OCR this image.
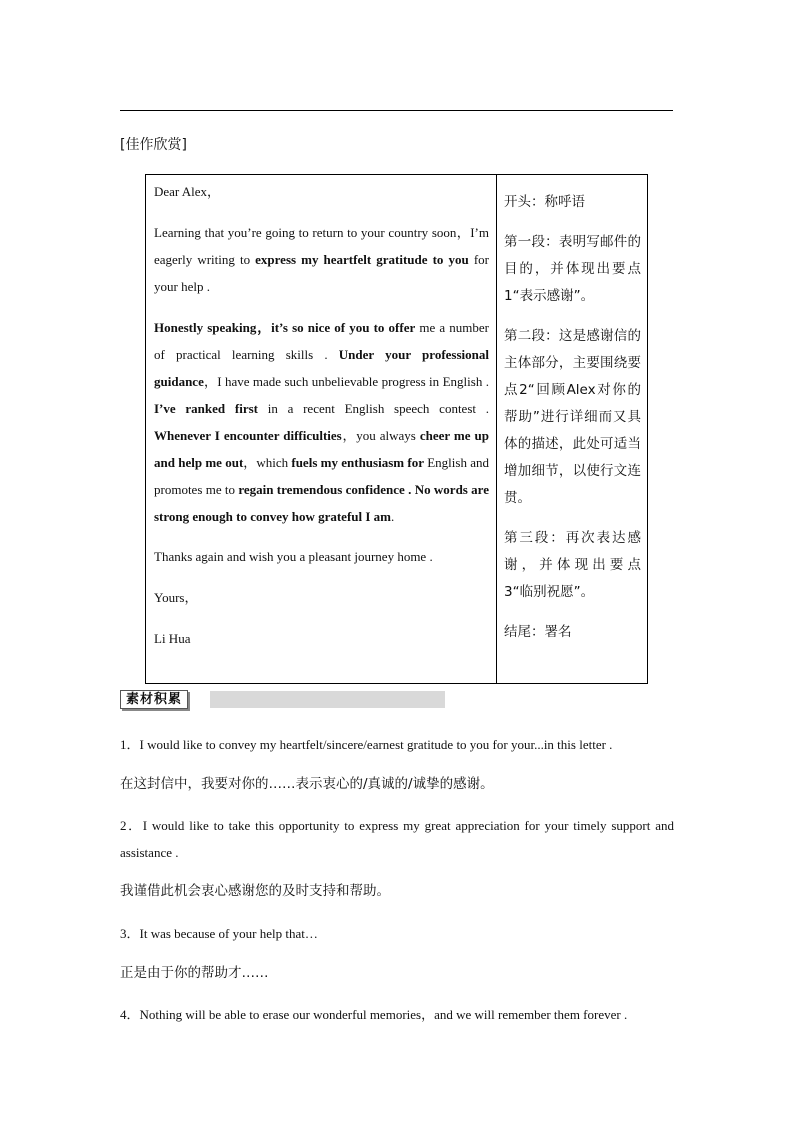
[佳作欣赏]

Dear Alex，

Learning that you’re going to return to your country soon，I’m eagerly writing to express my heartfelt gratitude to you for your help .

Honestly speaking，it’s so nice of you to offer me a number of practical learning skills . Under your professional guidance，I have made such unbelievable progress in English . I’ve ranked first in a recent English speech contest . Whenever I encounter difficulties，you always cheer me up and help me out，which fuels my enthusiasm for English and promotes me to regain tremendous confidence . No words are strong enough to convey how grateful I am.

Thanks again and wish you a pleasant journey home .

Yours，

Li Hua

开头：称呼语

第一段：表明写邮件的目的，并体现出要点1“表示感谢”。

第二段：这是感谢信的主体部分，主要围绕要点2“回顾Alex对你的帮助”进行详细而又具体的描述，此处可适当增加细节，以使行文连贯。

第三段：再次表达感谢，并体现出要点3“临别祝愿”。

结尾：署名

素材积累
1．I would like to convey my heartfelt/sincere/earnest gratitude to you for your...in this letter .
在这封信中，我要对你的……表示衷心的/真诚的/诚挚的感谢。
2．I would like to take this opportunity to express my great appreciation for your timely support and assistance .
我谨借此机会衷心感谢您的及时支持和帮助。
3．It was because of your help that…
正是由于你的帮助才……
4．Nothing will be able to erase our wonderful memories，and we will remember them forever .
